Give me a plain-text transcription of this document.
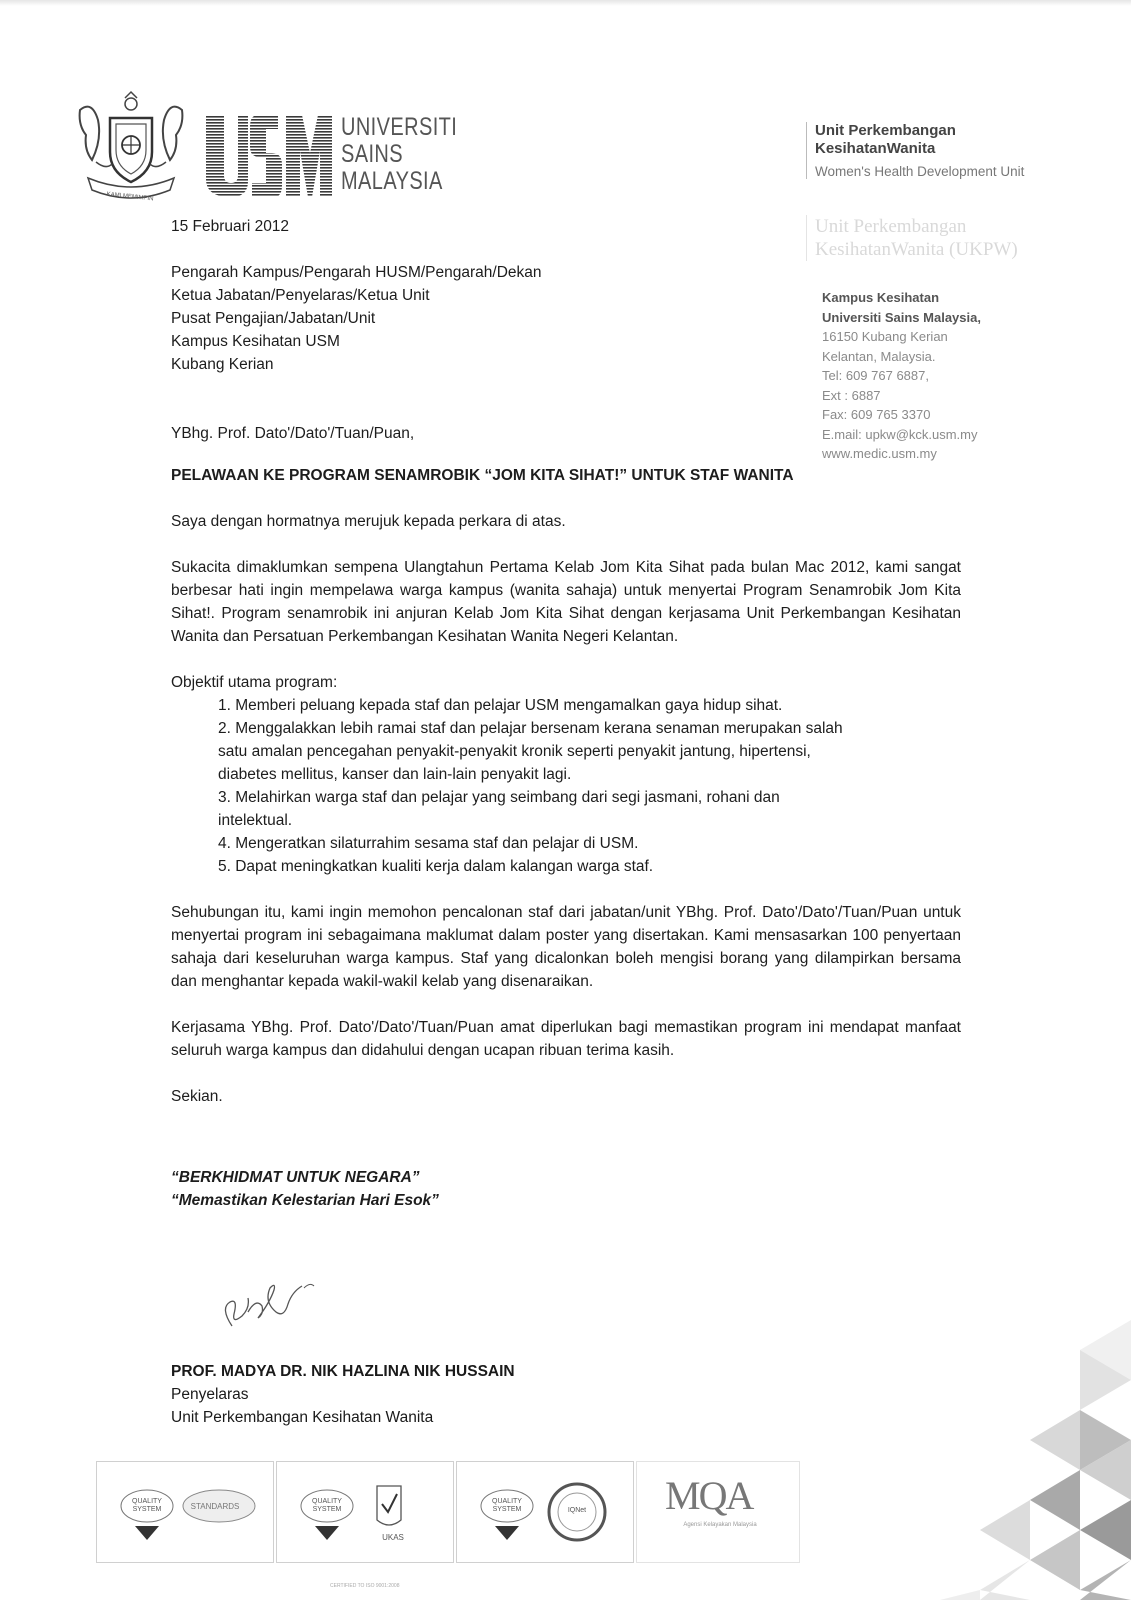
KAMI MEMIMPIN
UNIVERSITI
SAINS
MALAYSIA
Unit Perkembangan
KesihatanWanita
Women's Health Development Unit
Unit Perkembangan
KesihatanWanita (UKPW)
Kampus Kesihatan
Universiti Sains Malaysia,
16150 Kubang Kerian
Kelantan, Malaysia.
Tel: 609 767 6887,
Ext : 6887
Fax: 609 765 3370
E.mail: upkw@kck.usm.my
www.medic.usm.my

15 Februari 2012

Pengarah Kampus/Pengarah HUSM/Pengarah/Dekan
Ketua Jabatan/Penyelaras/Ketua Unit
Pusat Pengajian/Jabatan/Unit
Kampus Kesihatan USM
Kubang Kerian

YBhg. Prof. Dato'/Dato'/Tuan/Puan,

PELAWAAN KE PROGRAM SENAMROBIK “JOM KITA SIHAT!” UNTUK STAF WANITA

Saya dengan hormatnya merujuk kepada perkara di atas.

Sukacita dimaklumkan sempena Ulangtahun Pertama Kelab Jom Kita Sihat pada bulan Mac 2012, kami sangat berbesar hati ingin mempelawa warga kampus (wanita sahaja) untuk menyertai Program Senamrobik Jom Kita Sihat!. Program senamrobik ini anjuran Kelab Jom Kita Sihat dengan kerjasama Unit Perkembangan Kesihatan Wanita dan Persatuan Perkembangan Kesihatan Wanita Negeri Kelantan.

Objektif utama program:

1. Memberi peluang kepada staf dan pelajar USM mengamalkan gaya hidup sihat.
2. Menggalakkan lebih ramai staf dan pelajar bersenam kerana senaman merupakan salah
satu amalan pencegahan penyakit-penyakit kronik seperti penyakit jantung, hipertensi,
diabetes mellitus, kanser dan lain-lain penyakit lagi.
3. Melahirkan warga staf dan pelajar yang seimbang dari segi jasmani, rohani dan
intelektual.
4. Mengeratkan silaturrahim sesama staf dan pelajar di USM.
5. Dapat meningkatkan kualiti kerja dalam kalangan warga staf.

Sehubungan itu, kami ingin memohon pencalonan staf dari jabatan/unit YBhg. Prof. Dato'/Dato'/Tuan/Puan untuk menyertai program ini sebagaimana maklumat dalam poster yang disertakan. Kami mensasarkan 100 penyertaan sahaja dari keseluruhan warga kampus. Staf yang dicalonkan boleh mengisi borang yang dilampirkan bersama dan menghantar kepada wakil-wakil kelab yang disenaraikan.

Kerjasama YBhg. Prof. Dato'/Dato'/Tuan/Puan amat diperlukan bagi memastikan program ini mendapat manfaat seluruh warga kampus dan didahului dengan ucapan ribuan terima kasih.

Sekian.

“BERKHIDMAT UNTUK NEGARA”

“Memastikan Kelestarian Hari Esok”

PROF. MADYA DR. NIK HAZLINA NIK HUSSAIN
Penyelaras
Unit Perkembangan Kesihatan Wanita
QUALITY SYSTEM	STANDARDS
QUALITY SYSTEM
UKAS
QUALITY SYSTEM	IQNet MQA
Agensi Kelayakan Malaysia
CERTIFIED TO ISO 9001:2008
